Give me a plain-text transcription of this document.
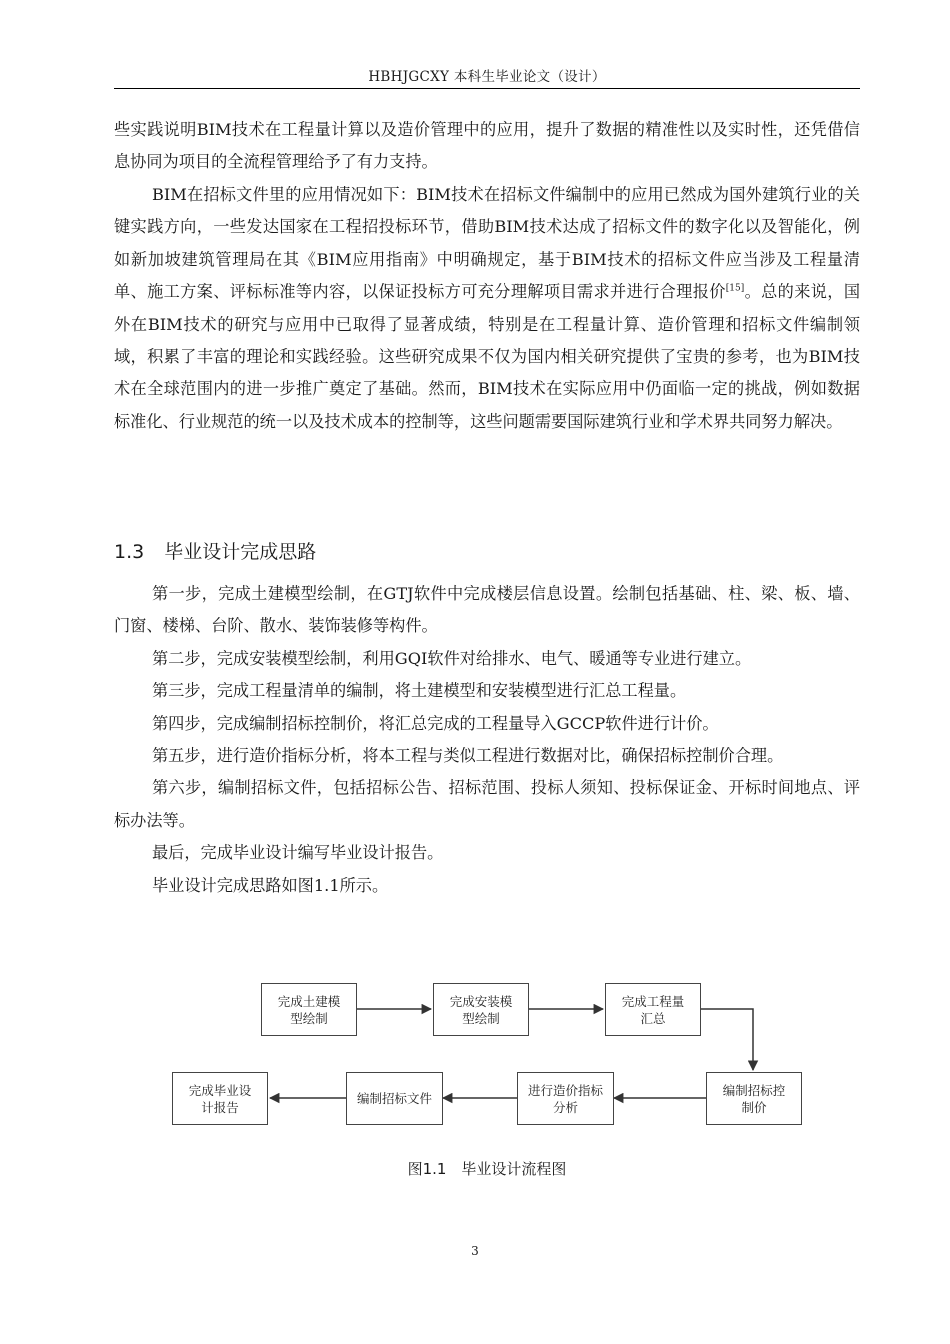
HBHJGCXY 本科生毕业论文（设计）

些实践说明BIM技术在工程量计算以及造价管理中的应用，提升了数据的精准性以及实时性，还凭借信息协同为项目的全流程管理给予了有力支持。

BIM在招标文件里的应用情况如下：BIM技术在招标文件编制中的应用已然成为国外建筑行业的关键实践方向，一些发达国家在工程招投标环节，借助BIM技术达成了招标文件的数字化以及智能化，例如新加坡建筑管理局在其《BIM应用指南》中明确规定，基于BIM技术的招标文件应当涉及工程量清单、施工方案、评标标准等内容，以保证投标方可充分理解项目需求并进行合理报价[15]。总的来说，国外在BIM技术的研究与应用中已取得了显著成绩，特别是在工程量计算、造价管理和招标文件编制领域，积累了丰富的理论和实践经验。这些研究成果不仅为国内相关研究提供了宝贵的参考，也为BIM技术在全球范围内的进一步推广奠定了基础。然而，BIM技术在实际应用中仍面临一定的挑战，例如数据标准化、行业规范的统一以及技术成本的控制等，这些问题需要国际建筑行业和学术界共同努力解决。

1.3 毕业设计完成思路

第一步，完成土建模型绘制，在GTJ软件中完成楼层信息设置。绘制包括基础、柱、梁、板、墙、门窗、楼梯、台阶、散水、装饰装修等构件。

第二步，完成安装模型绘制，利用GQI软件对给排水、电气、暖通等专业进行建立。

第三步，完成工程量清单的编制，将土建模型和安装模型进行汇总工程量。

第四步，完成编制招标控制价，将汇总完成的工程量导入GCCP软件进行计价。

第五步，进行造价指标分析，将本工程与类似工程进行数据对比，确保招标控制价合理。

第六步，编制招标文件，包括招标公告、招标范围、投标人须知、投标保证金、开标时间地点、评标办法等。

最后，完成毕业设计编写毕业设计报告。

毕业设计完成思路如图1.1所示。

完成土建模型绘制
完成安装模型绘制
完成工程量汇总
编制招标控制价
进行造价指标分析
编制招标文件
完成毕业设计报告
图1.1　毕业设计流程图
3
